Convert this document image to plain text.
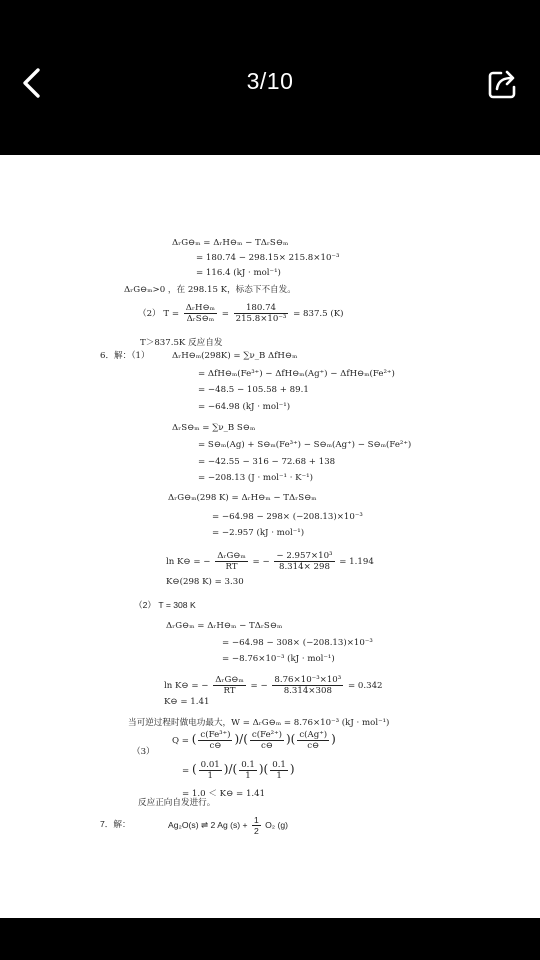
3/10
ΔᵣG⊖ₘ = ΔᵣH⊖ₘ − TΔᵣS⊖ₘ
= 180.74 − 298.15× 215.8×10⁻³
= 116.4 (kJ · mol⁻¹)
ΔᵣG⊖ₘ>0 ，在 298.15 K，标态下不自发。
（2） $T = \frac{\text{ΔᵣH⊖ₘ}}{\text{ΔᵣS⊖ₘ}} = \frac{180.74}{\text{215.8×10⁻³}} = 837.5$ (K)
T＞837.5K 反应自发
6．解：（1）	ΔᵣH⊖ₘ(298K) = ∑ν_B ΔfH⊖ₘ
= ΔfH⊖ₘ(Fe³⁺) − ΔfH⊖ₘ(Ag⁺) − ΔfH⊖ₘ(Fe²⁺)
= −48.5 − 105.58 + 89.1
= −64.98 (kJ · mol⁻¹)
ΔᵣS⊖ₘ = ∑ν_B S⊖ₘ
= S⊖ₘ(Ag) + S⊖ₘ(Fe³⁺) − S⊖ₘ(Ag⁺) − S⊖ₘ(Fe²⁺)
= −42.55 − 316 − 72.68 + 138
= −208.13 (J · mol⁻¹ · K⁻¹)
ΔᵣG⊖ₘ(298 K) = ΔᵣH⊖ₘ − TΔᵣS⊖ₘ
= −64.98 − 298× (−208.13)×10⁻³
= −2.957 (kJ · mol⁻¹)
ln K⊖ = − $\frac{\text{ΔᵣG⊖ₘ}}{RT}$ = − $\frac{\text{− 2.957×10³}}{8.314\times 298} = 1.194$
K⊖(298 K) = 3.30
（2） T = 308 K
ΔᵣG⊖ₘ = ΔᵣH⊖ₘ − TΔᵣS⊖ₘ
= −64.98 − 308× (−208.13)×10⁻³
= −8.76×10⁻³ (kJ · mol⁻¹)
ln K⊖ = − $\frac{\text{ΔᵣG⊖ₘ}}{RT}$ = − $\frac{\text{8.76×10⁻³×10³}}{8.314\times 308} = 0.342$
K⊖ = 1.41
当可逆过程时做电功最大，W = ΔᵣG⊖ₘ = 8.76×10⁻³ (kJ · mol⁻¹)
（3）
Q = ( $\frac{\text{c(Fe³⁺)}}{c⊖}$ )/( $\frac{\text{c(Fe²⁺)}}{c⊖}$ )( $\frac{c(Ag^+)}{c⊖}$ )
= ( $\frac{0.01}{1}$ )/( $\frac{0.1}{1}$ )( $\frac{0.1}{1}$ )
= 1.0 ＜ K⊖ = 1.41
反应正向自发进行。
7．解：	Ag₂O(s) ⇌ 2 Ag $(s) + \frac{1}{2} O_2$ (g)
